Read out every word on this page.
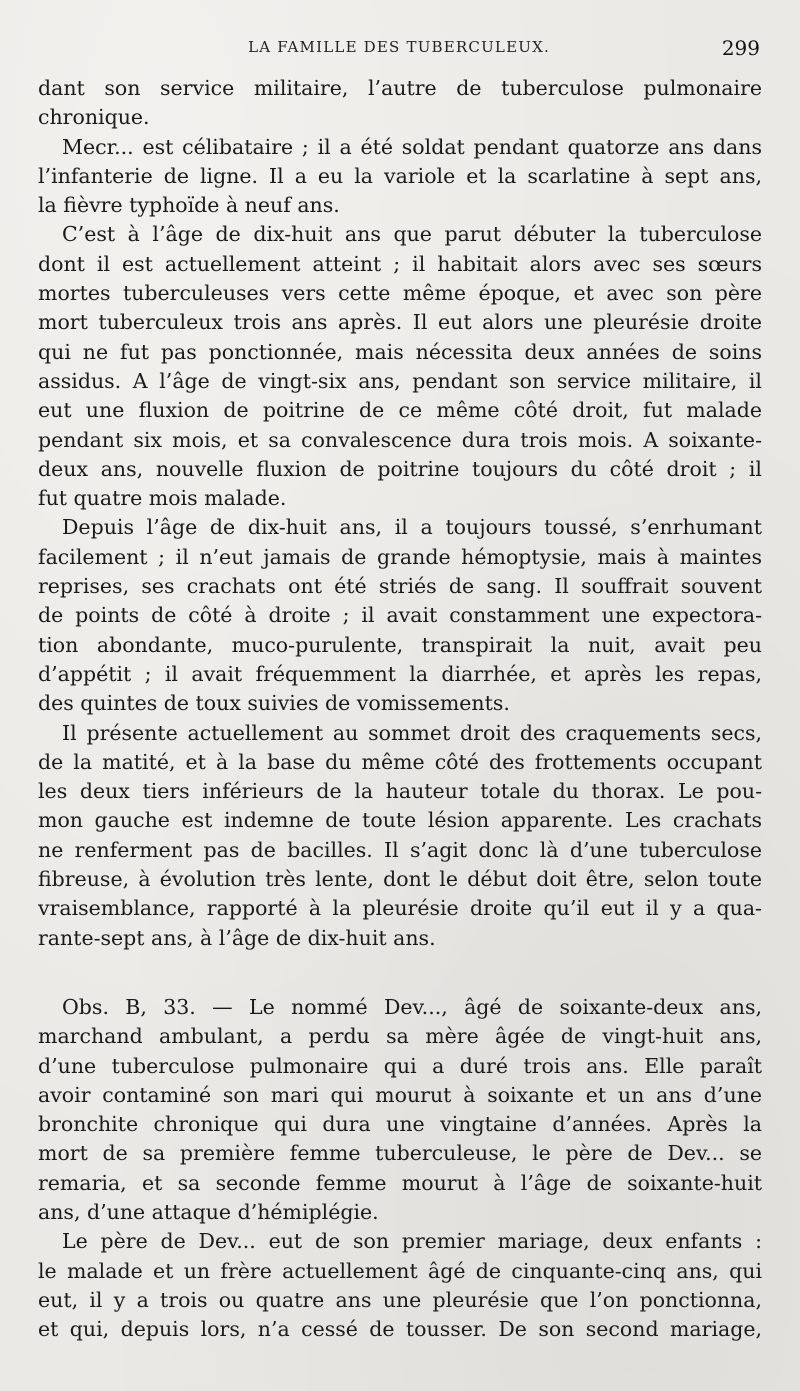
LA FAMILLE DES TUBERCULEUX.	299
dant son service militaire, l’autre de tuberculose pulmonaire
chronique.
Mecr... est célibataire ; il a été soldat pendant quatorze ans dans
l’infanterie de ligne. Il a eu la variole et la scarlatine à sept ans,
la fièvre typhoïde à neuf ans.
C’est à l’âge de dix-huit ans que parut débuter la tuberculose
dont il est actuellement atteint ; il habitait alors avec ses sœurs
mortes tuberculeuses vers cette même époque, et avec son père
mort tuberculeux trois ans après. Il eut alors une pleurésie droite
qui ne fut pas ponctionnée, mais nécessita deux années de soins
assidus. A l’âge de vingt-six ans, pendant son service militaire, il
eut une fluxion de poitrine de ce même côté droit, fut malade
pendant six mois, et sa convalescence dura trois mois. A soixante-
deux ans, nouvelle fluxion de poitrine toujours du côté droit ; il
fut quatre mois malade.
Depuis l’âge de dix-huit ans, il a toujours toussé, s’enrhumant
facilement ; il n’eut jamais de grande hémoptysie, mais à maintes
reprises, ses crachats ont été striés de sang. Il souffrait souvent
de points de côté à droite ; il avait constamment une expectora-
tion abondante, muco-purulente, transpirait la nuit, avait peu
d’appétit ; il avait fréquemment la diarrhée, et après les repas,
des quintes de toux suivies de vomissements.
Il présente actuellement au sommet droit des craquements secs,
de la matité, et à la base du même côté des frottements occupant
les deux tiers inférieurs de la hauteur totale du thorax. Le pou-
mon gauche est indemne de toute lésion apparente. Les crachats
ne renferment pas de bacilles. Il s’agit donc là d’une tuberculose
fibreuse, à évolution très lente, dont le début doit être, selon toute
vraisemblance, rapporté à la pleurésie droite qu’il eut il y a qua-
rante-sept ans, à l’âge de dix-huit ans.
Obs. B, 33. — Le nommé Dev..., âgé de soixante-deux ans,
marchand ambulant, a perdu sa mère âgée de vingt-huit ans,
d’une tuberculose pulmonaire qui a duré trois ans. Elle paraît
avoir contaminé son mari qui mourut à soixante et un ans d’une
bronchite chronique qui dura une vingtaine d’années. Après la
mort de sa première femme tuberculeuse, le père de Dev... se
remaria, et sa seconde femme mourut à l’âge de soixante-huit
ans, d’une attaque d’hémiplégie.
Le père de Dev... eut de son premier mariage, deux enfants :
le malade et un frère actuellement âgé de cinquante-cinq ans, qui
eut, il y a trois ou quatre ans une pleurésie que l’on ponctionna,
et qui, depuis lors, n’a cessé de tousser. De son second mariage,
